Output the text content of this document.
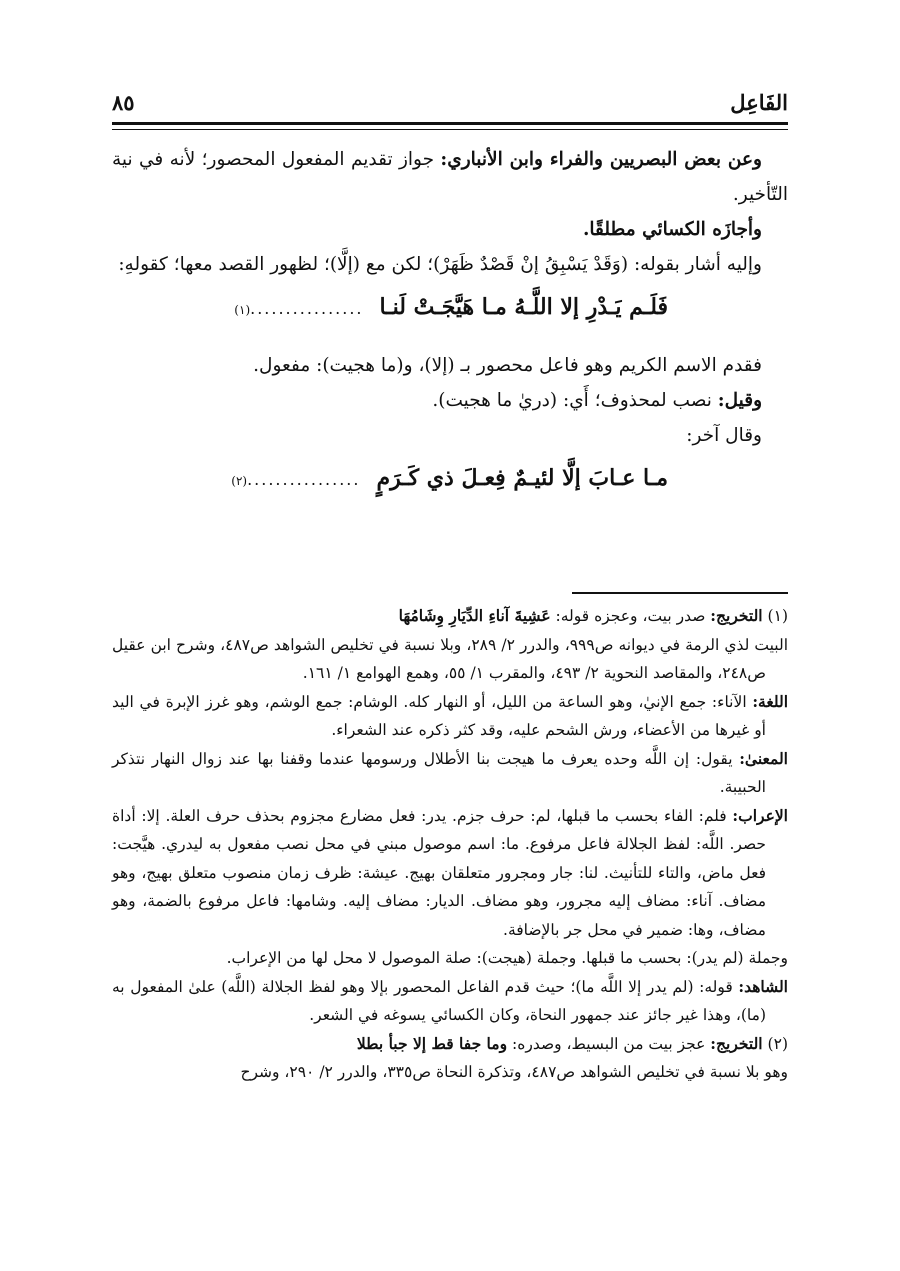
الفَاعِل
٨٥

وعن بعض البصريين والفراء وابن الأنباري: جواز تقديم المفعول المحصور؛ لأنه في نية التّأخير.

وأجازَه الكسائي مطلقًا.

وإليه أشار بقوله: (وَقَدْ يَسْبِقُ إنْ قَصْدٌ ظَهَرْ)؛ لكن مع (إلَّا)؛ لظهور القصد معها؛ كقولهِ:

فَلَـم يَـدْرِ إلا اللَّـهُ مـا هَيَّجَـتْ لَنـا
................
(١)

فقدم الاسم الكريم وهو فاعل محصور بـ (إلا)، و(ما هجيت): مفعول.

وقيل: نصب لمحذوف؛ أَي: (دريٰ ما هجيت).

وقال آخر:

مـا عـابَ إلَّا لئيـمٌ فِعـلَ ذي كَـرَمٍ
................
(٢)

(١) التخريج: صدر بيت، وعجزه قوله: عَشِيةَ آناءِ الدِّيَارِ وِشَامُهَا

البيت لذي الرمة في ديوانه ص٩٩٩، والدرر ٢/ ٢٨٩، وبلا نسبة في تخليص الشواهد ص٤٨٧، وشرح ابن عقيل ص٢٤٨، والمقاصد النحوية ٢/ ٤٩٣، والمقرب ١/ ٥٥، وهمع الهوامع ١/ ١٦١.

اللغة: الآناء: جمع الإنيٰ، وهو الساعة من الليل، أو النهار كله. الوشام: جمع الوشم، وهو غرز الإبرة في اليد أو غيرها من الأعضاء، ورش الشحم عليه، وقد كثر ذكره عند الشعراء.

المعنىٰ: يقول: إن اللَّه وحده يعرف ما هيجت بنا الأطلال ورسومها عندما وقفنا بها عند زوال النهار نتذكر الحبيبة.

الإعراب: فلم: الفاء بحسب ما قبلها، لم: حرف جزم. يدر: فعل مضارع مجزوم بحذف حرف العلة. إلا: أداة حصر. اللَّه: لفظ الجلالة فاعل مرفوع. ما: اسم موصول مبني في محل نصب مفعول به ليدري. هيَّجت: فعل ماض، والتاء للتأنيث. لنا: جار ومجرور متعلقان بهيج. عيشة: ظرف زمان منصوب متعلق بهيج، وهو مضاف. آناء: مضاف إليه مجرور، وهو مضاف. الديار: مضاف إليه. وشامها: فاعل مرفوع بالضمة، وهو مضاف، وها: ضمير في محل جر بالإضافة.

وجملة (لم يدر): بحسب ما قبلها. وجملة (هيجت): صلة الموصول لا محل لها من الإعراب.

الشاهد: قوله: (لم يدر إلا اللَّه ما)؛ حيث قدم الفاعل المحصور بإلا وهو لفظ الجلالة (اللَّه) علىٰ المفعول به (ما)، وهذا غير جائز عند جمهور النحاة، وكان الكسائي يسوغه في الشعر.

(٢) التخريج: عجز بيت من البسيط، وصدره: وما جفا قط إلا جبأ بطلا

وهو بلا نسبة في تخليص الشواهد ص٤٨٧، وتذكرة النحاة ص٣٣٥، والدرر ٢/ ٢٩٠، وشرح
